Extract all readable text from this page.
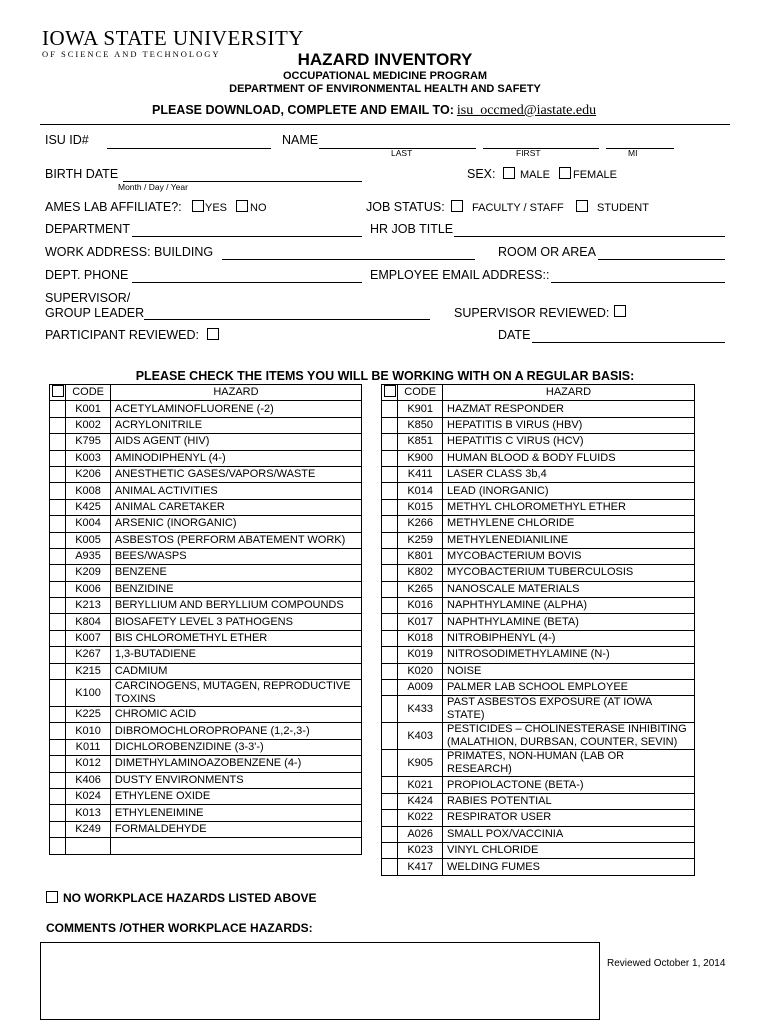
IOWA STATE UNIVERSITY
OF SCIENCE AND TECHNOLOGY	HAZARD INVENTORY
OCCUPATIONAL MEDICINE PROGRAM
DEPARTMENT OF ENVIRONMENTAL HEALTH AND SAFETY
PLEASE DOWNLOAD, COMPLETE AND EMAIL TO: isu_occmed@iastate.edu
ISU ID#	NAME
LAST	FIRST	MI
BIRTH DATE
Month / Day / Year
SEX: MALE FEMALE
AMES LAB AFFILIATE?: YES NO	JOB STATUS: FACULTY / STAFF	STUDENT
DEPARTMENT	HR JOB TITLE
WORK ADDRESS: BUILDING	ROOM OR AREA
DEPT. PHONE	EMPLOYEE EMAIL ADDRESS::
SUPERVISOR/
GROUP LEADER	SUPERVISOR REVIEWED:
PARTICIPANT REVIEWED:	DATE
PLEASE CHECK THE ITEMS YOU WILL BE WORKING WITH ON A REGULAR BASIS:
	CODE	HAZARD
	K001	ACETYLAMINOFLUORENE (-2)
	K002	ACRYLONITRILE
	K795	AIDS AGENT (HIV)
	K003	AMINODIPHENYL (4-)
	K206	ANESTHETIC GASES/VAPORS/WASTE
	K008	ANIMAL ACTIVITIES
	K425	ANIMAL CARETAKER
	K004	ARSENIC (INORGANIC)
	K005	ASBESTOS (PERFORM ABATEMENT WORK)
	A935	BEES/WASPS
	K209	BENZENE
	K006	BENZIDINE
	K213	BERYLLIUM AND BERYLLIUM COMPOUNDS
	K804	BIOSAFETY LEVEL 3 PATHOGENS
	K007	BIS CHLOROMETHYL ETHER
	K267	1,3-BUTADIENE
	K215	CADMIUM
	K100	CARCINOGENS, MUTAGEN, REPRODUCTIVE TOXINS
	K225	CHROMIC ACID
	K010	DIBROMOCHLOROPROPANE (1,2-,3-)
	K011	DICHLOROBENZIDINE (3-3'-)
	K012	DIMETHYLAMINOAZOBENZENE (4-)
	K406	DUSTY ENVIRONMENTS
	K024	ETHYLENE OXIDE
	K013	ETHYLENEIMINE
	K249	FORMALDEHYDE

	CODE	HAZARD
	K901	HAZMAT RESPONDER
	K850	HEPATITIS B VIRUS (HBV)
	K851	HEPATITIS C VIRUS (HCV)
	K900	HUMAN BLOOD & BODY FLUIDS
	K411	LASER CLASS 3b,4
	K014	LEAD (INORGANIC)
	K015	METHYL CHLOROMETHYL ETHER
	K266	METHYLENE CHLORIDE
	K259	METHYLENEDIANILINE
	K801	MYCOBACTERIUM BOVIS
	K802	MYCOBACTERIUM TUBERCULOSIS
	K265	NANOSCALE MATERIALS
	K016	NAPHTHYLAMINE (ALPHA)
	K017	NAPHTHYLAMINE (BETA)
	K018	NITROBIPHENYL (4-)
	K019	NITROSODIMETHYLAMINE (N-)
	K020	NOISE
	A009	PALMER LAB SCHOOL EMPLOYEE
	K433	PAST ASBESTOS EXPOSURE (AT IOWA STATE)
	K403	PESTICIDES – CHOLINESTERASE INHIBITING (MALATHION, DURBSAN, COUNTER, SEVIN)
	K905	PRIMATES, NON-HUMAN (LAB OR RESEARCH)
	K021	PROPIOLACTONE (BETA-)
	K424	RABIES POTENTIAL
	K022	RESPIRATOR USER
	A026	SMALL POX/VACCINIA
	K023	VINYL CHLORIDE
	K417	WELDING FUMES
NO WORKPLACE HAZARDS LISTED ABOVE
COMMENTS /OTHER WORKPLACE HAZARDS:
Reviewed October 1, 2014
